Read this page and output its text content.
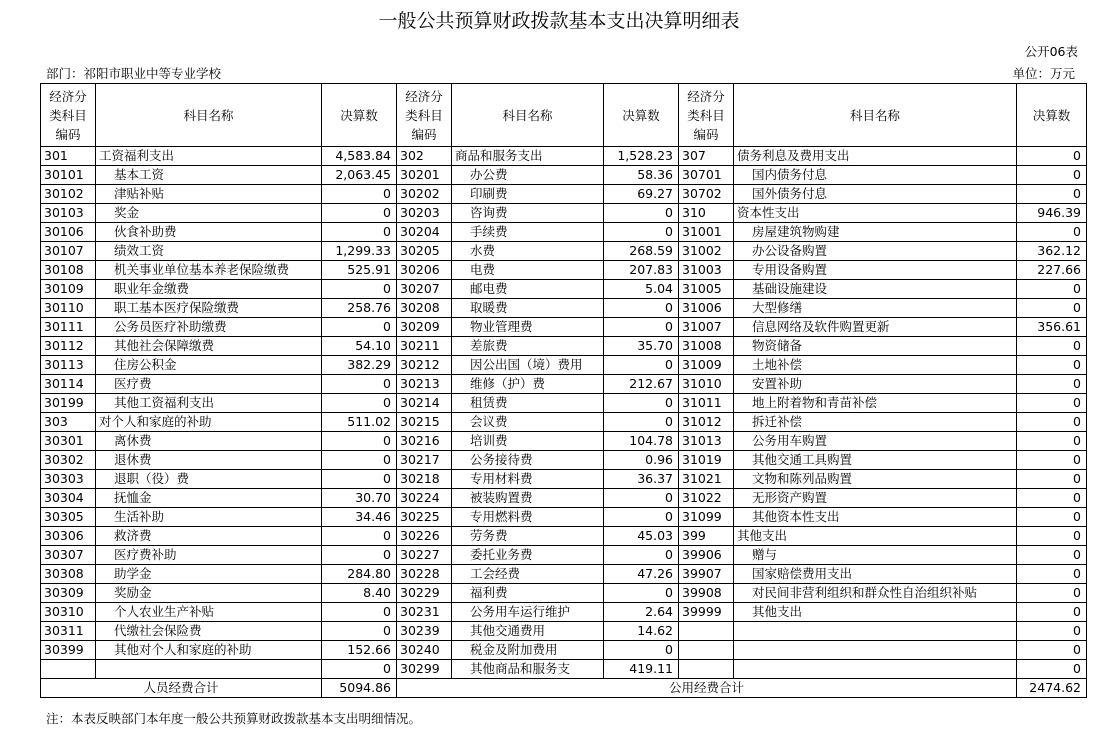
一般公共预算财政拨款基本支出决算明细表
公开06表
部门：祁阳市职业中等专业学校	单位：万元
经济分类科目编码	科目名称	决算数	经济分类科目编码	科目名称	决算数	经济分类科目编码	科目名称	决算数
301	工资福利支出	4,583.84	302	商品和服务支出	1,528.23	307	债务利息及费用支出	0
30101	基本工资	2,063.45	30201	办公费	58.36	30701	国内债务付息	0
30102	津贴补贴	0	30202	印刷费	69.27	30702	国外债务付息	0
30103	奖金	0	30203	咨询费	0	310	资本性支出	946.39
30106	伙食补助费	0	30204	手续费	0	31001	房屋建筑物购建	0
30107	绩效工资	1,299.33	30205	水费	268.59	31002	办公设备购置	362.12
30108	机关事业单位基本养老保险缴费	525.91	30206	电费	207.83	31003	专用设备购置	227.66
30109	职业年金缴费	0	30207	邮电费	5.04	31005	基础设施建设	0
30110	职工基本医疗保险缴费	258.76	30208	取暖费	0	31006	大型修缮	0
30111	公务员医疗补助缴费	0	30209	物业管理费	0	31007	信息网络及软件购置更新	356.61
30112	其他社会保障缴费	54.10	30211	差旅费	35.70	31008	物资储备	0
30113	住房公积金	382.29	30212	因公出国（境）费用	0	31009	土地补偿	0
30114	医疗费	0	30213	维修（护）费	212.67	31010	安置补助	0
30199	其他工资福利支出	0	30214	租赁费	0	31011	地上附着物和青苗补偿	0
303	对个人和家庭的补助	511.02	30215	会议费	0	31012	拆迁补偿	0
30301	离休费	0	30216	培训费	104.78	31013	公务用车购置	0
30302	退休费	0	30217	公务接待费	0.96	31019	其他交通工具购置	0
30303	退职（役）费	0	30218	专用材料费	36.37	31021	文物和陈列品购置	0
30304	抚恤金	30.70	30224	被装购置费	0	31022	无形资产购置	0
30305	生活补助	34.46	30225	专用燃料费	0	31099	其他资本性支出	0
30306	救济费	0	30226	劳务费	45.03	399	其他支出	0
30307	医疗费补助	0	30227	委托业务费	0	39906	赠与	0
30308	助学金	284.80	30228	工会经费	47.26	39907	国家赔偿费用支出	0
30309	奖励金	8.40	30229	福利费	0	39908	对民间非营利组织和群众性自治组织补贴	0
30310	个人农业生产补贴	0	30231	公务用车运行维护	2.64	39999	其他支出	0
30311	代缴社会保险费	0	30239	其他交通费用	14.62			0
30399	其他对个人和家庭的补助	152.66	30240	税金及附加费用	0			0
		0	30299	其他商品和服务支	419.11			0
人员经费合计		5094.86	公用经费合计					2474.62
注：本表反映部门本年度一般公共预算财政拨款基本支出明细情况。
